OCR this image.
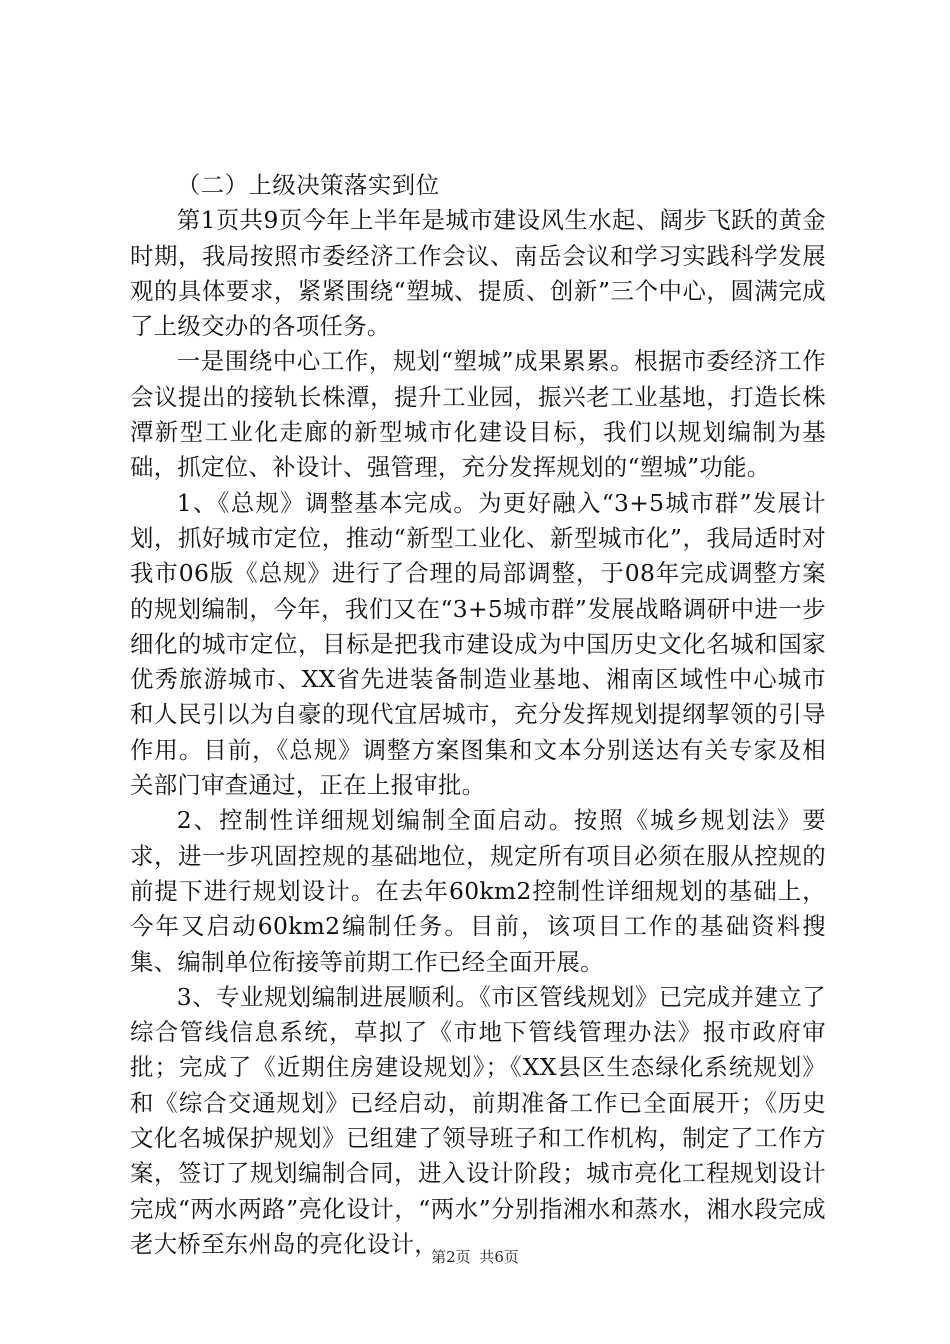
（二）上级决策落实到位

第1页共9页今年上半年是城市建设风生水起、阔步飞跃的黄金时期，我局按照市委经济工作会议、南岳会议和学习实践科学发展观的具体要求，紧紧围绕“塑城、提质、创新”三个中心，圆满完成了上级交办的各项任务。

一是围绕中心工作，规划“塑城”成果累累。根据市委经济工作会议提出的接轨长株潭，提升工业园，振兴老工业基地，打造长株潭新型工业化走廊的新型城市化建设目标，我们以规划编制为基础，抓定位、补设计、强管理，充分发挥规划的“塑城”功能。

1、《总规》调整基本完成。为更好融入“3+5城市群”发展计划，抓好城市定位，推动“新型工业化、新型城市化”，我局适时对我市06版《总规》进行了合理的局部调整，于08年完成调整方案的规划编制，今年，我们又在“3+5城市群”发展战略调研中进一步细化的城市定位，目标是把我市建设成为中国历史文化名城和国家优秀旅游城市、XX省先进装备制造业基地、湘南区域性中心城市和人民引以为自豪的现代宜居城市，充分发挥规划提纲挈领的引导作用。目前，《总规》调整方案图集和文本分别送达有关专家及相关部门审查通过，正在上报审批。

2、控制性详细规划编制全面启动。按照《城乡规划法》要求，进一步巩固控规的基础地位，规定所有项目必须在服从控规的前提下进行规划设计。在去年60km2控制性详细规划的基础上，今年又启动60km2编制任务。目前，该项目工作的基础资料搜集、编制单位衔接等前期工作已经全面开展。

3、专业规划编制进展顺利。《市区管线规划》已完成并建立了综合管线信息系统，草拟了《市地下管线管理办法》报市政府审批；完成了《近期住房建设规划》；《XX县区生态绿化系统规划》和《综合交通规划》已经启动，前期准备工作已全面展开；《历史文化名城保护规划》已组建了领导班子和工作机构，制定了工作方案，签订了规划编制合同，进入设计阶段；城市亮化工程规划设计完成“两水两路”亮化设计，“两水”分别指湘水和蒸水，湘水段完成老大桥至东州岛的亮化设计，

第2页 共6页
